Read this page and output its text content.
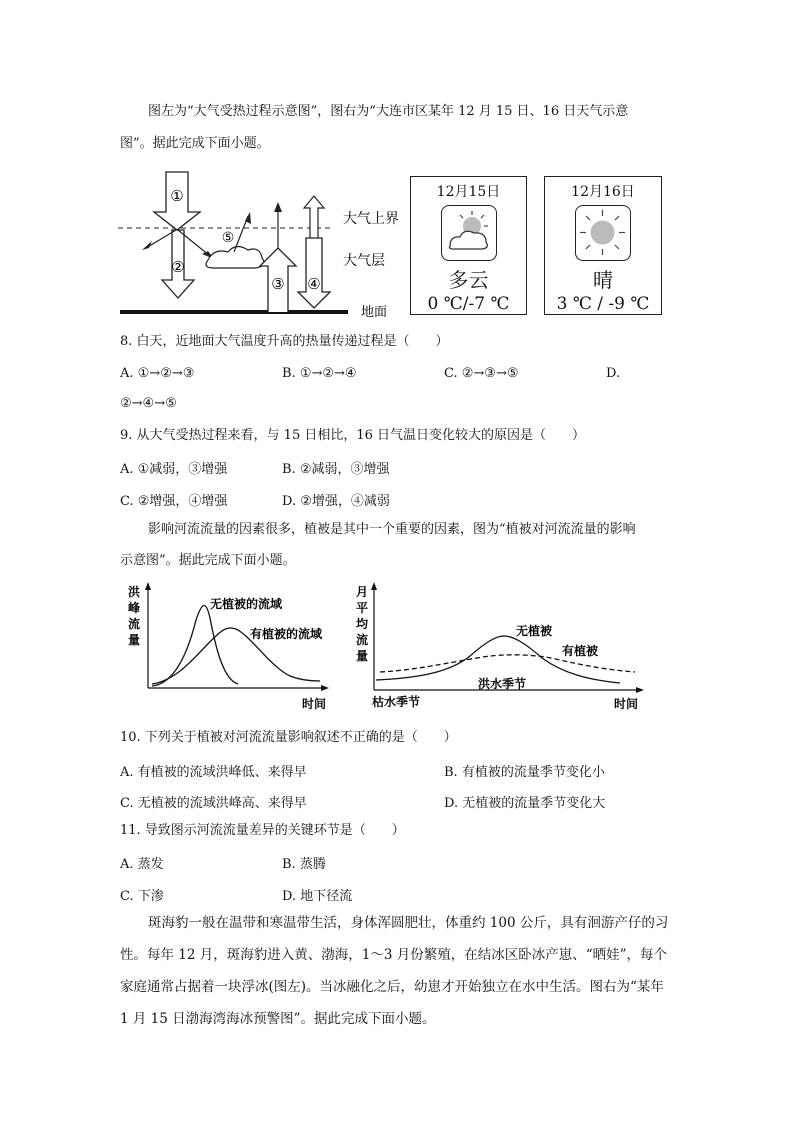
图左为“大气受热过程示意图”，图右为“大连市区某年 12 月 15 日、16 日天气示意
图”。据此完成下面小题。
①
②
⑤
③ ④
大气上界
大气层
地面
12月15日
多云
0 ℃/-7 ℃
12月16日
晴
3 ℃ / -9 ℃
8. 白天，近地面大气温度升高的热量传递过程是（　　）
A. ①→②→③	B. ①→②→④	C. ②→③→⑤	D.
②→④→⑤
9. 从大气受热过程来看，与 15 日相比，16 日气温日变化较大的原因是（　　）
A. ①减弱，③增强	B. ②减弱，③增强
C. ②增强，④增强	D. ②增强，④减弱
影响河流流量的因素很多，植被是其中一个重要的因素，图为“植被对河流流量的影响
示意图”。据此完成下面小题。
洪
峰
流
量
无植被的流域
有植被的流域
时间
月
平
均
流
量
无植被
有植被
洪水季节
枯水季节	时间
10. 下列关于植被对河流流量影响叙述不正确的是（　　）
A. 有植被的流域洪峰低、来得早	B. 有植被的流量季节变化小
C. 无植被的流域洪峰高、来得早	D. 无植被的流量季节变化大
11. 导致图示河流流量差异的关键环节是（　　）
A. 蒸发	B. 蒸腾
C. 下渗	D. 地下径流
斑海豹一般在温带和寒温带生活，身体浑圆肥壮，体重约 100 公斤，具有洄游产仔的习性。每年 12 月，斑海豹进入黄、渤海，1～3 月份繁殖，在结冰区卧冰产崽、“晒娃”，每个家庭通常占据着一块浮冰(图左)。当冰融化之后，幼崽才开始独立在水中生活。图右为“某年 1 月 15 日渤海湾海冰预警图”。据此完成下面小题。
